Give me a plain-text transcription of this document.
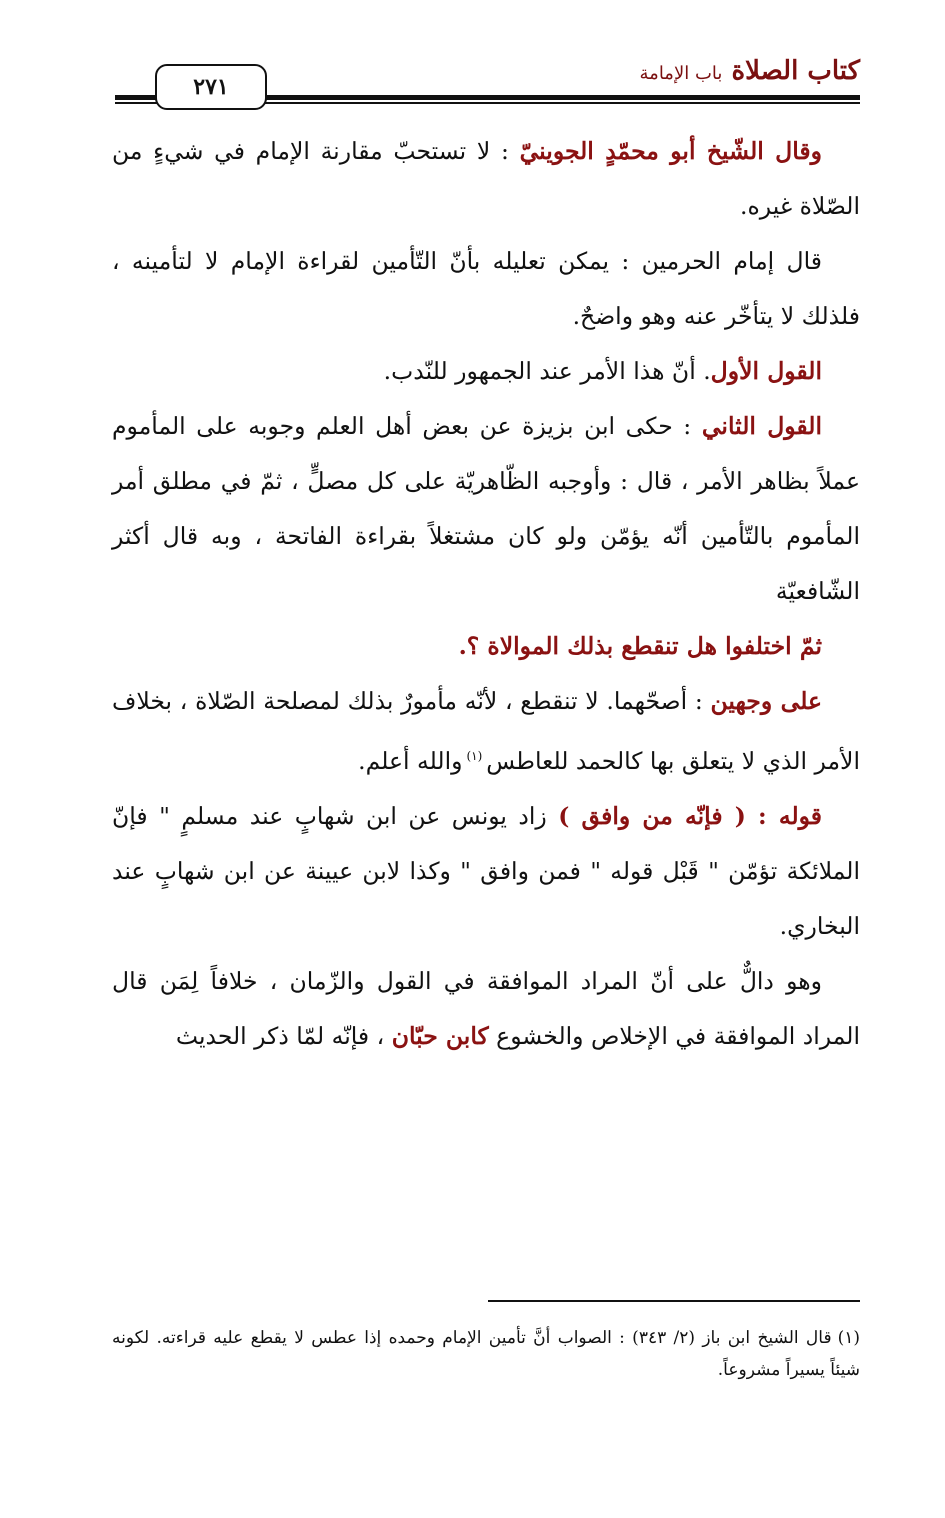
٢٧١
كتاب الصلاة باب الإمامة

وقال الشّيخ أبو محمّدٍ الجوينيّ : لا تستحبّ مقارنة الإمام في شيءٍ من الصّلاة غيره.

قال إمام الحرمين : يمكن تعليله بأنّ التّأمين لقراءة الإمام لا لتأمينه ، فلذلك لا يتأخّر عنه وهو واضحٌ.

القول الأول. أنّ هذا الأمر عند الجمهور للنّدب.

القول الثاني : حكى ابن بزيزة عن بعض أهل العلم وجوبه على المأموم عملاً بظاهر الأمر ، قال : وأوجبه الظّاهريّة على كل مصلٍّ ، ثمّ في مطلق أمر المأموم بالتّأمين أنّه يؤمّن ولو كان مشتغلاً بقراءة الفاتحة ، وبه قال أكثر الشّافعيّة

ثمّ اختلفوا هل تنقطع بذلك الموالاة ؟.

على وجهين : أصحّهما. لا تنقطع ، لأنّه مأمورٌ بذلك لمصلحة الصّلاة ، بخلاف الأمر الذي لا يتعلق بها كالحمد للعاطس$^{(١)}$والله أعلم.

قوله : ( فإنّه من وافق ) زاد يونس عن ابن شهابٍ عند مسلمٍ " فإنّ الملائكة تؤمّن " قَبْل قوله " فمن وافق " وكذا لابن عيينة عن ابن شهابٍ عند البخاري.

وهو دالٌّ على أنّ المراد الموافقة في القول والزّمان ، خلافاً لِمَن قال المراد الموافقة في الإخلاص والخشوع كابن حبّان ، فإنّه لمّا ذكر الحديث

(١)قال الشيخ ابن باز (٢/ ٣٤٣) : الصواب أنَّ تأمين الإمام وحمده إذا عطس لا يقطع عليه قراءته. لكونه شيئاً يسيراً مشروعاً.
